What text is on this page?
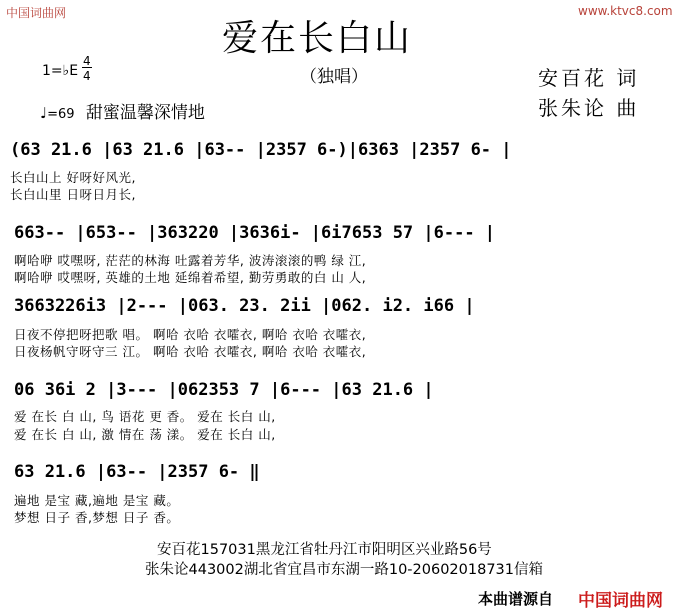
中国词曲网	www.ktvc8.com
爱在长白山
（独唱）
1=♭E
4
4
♩=69 甜蜜温馨深情地
安百花 词
张朱论 曲
(63 21.6 |63 21.6 |63-- |2357 6-)|6363 |2357 6- |
长白山上 好呀好风光,
长白山里 日呀日月长,
663-- |653-- |363220 |3636i- |6i7653 57 |6--- |
啊哈咿 哎嘿呀, 茫茫的林海 吐露着芳华, 波涛滚滚的鸭 绿 江,
啊哈咿 哎嘿呀, 英雄的土地 延绵着希望, 勤劳勇敢的白 山 人,
3663226i3 |2--- |063. 23. 2ii |062. i2. i66 |
日夜不停把呀把歌 唱。 啊哈 衣哈 衣嚯衣, 啊哈 衣哈 衣嚯衣,
日夜杨帆守呀守三 江。 啊哈 衣哈 衣嚯衣, 啊哈 衣哈 衣嚯衣,
06 36i 2 |3--- |062353 7 |6--- |63 21.6 |
爱 在长 白 山, 鸟 语花 更 香。 爱在 长白 山,
爱 在长 白 山, 激 情在 荡 漾。 爱在 长白 山,
63 21.6 |63-- |2357 6- ‖
遍地 是宝 藏,遍地 是宝 藏。
梦想 日子 香,梦想 日子 香。
安百花157031黑龙江省牡丹江市阳明区兴业路56号
张朱论443002湖北省宜昌市东湖一路10-20602018731信箱
本曲谱源自 中国词曲网
